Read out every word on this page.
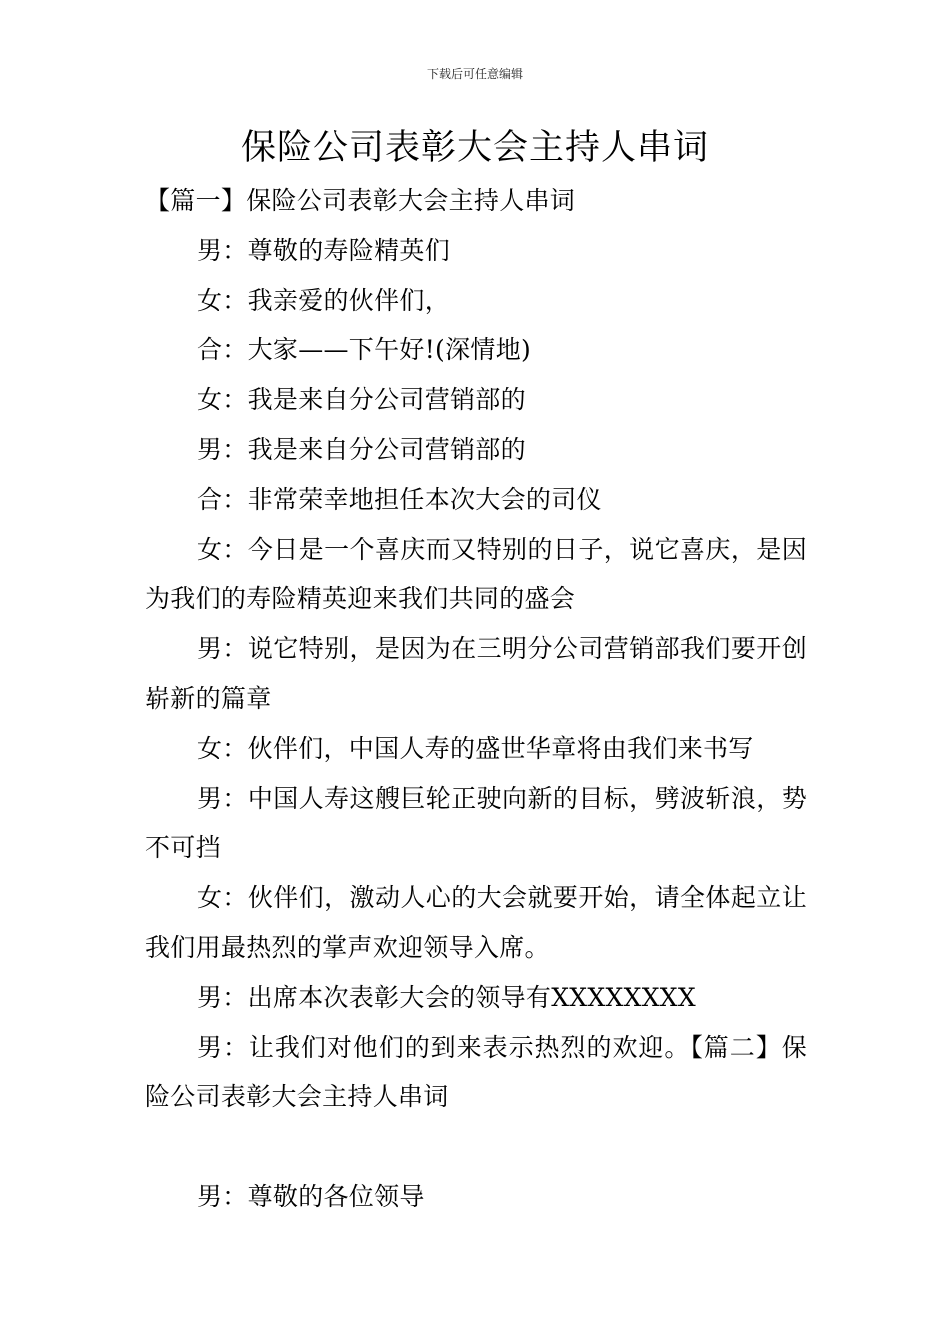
下载后可任意编辑
保险公司表彰大会主持人串词

【篇一】保险公司表彰大会主持人串词

男：尊敬的寿险精英们

女：我亲爱的伙伴们，

合：大家——下午好!(深情地)

女：我是来自分公司营销部的

男：我是来自分公司营销部的

合：非常荣幸地担任本次大会的司仪

女：今日是一个喜庆而又特别的日子，说它喜庆，是因为我们的寿险精英迎来我们共同的盛会

男：说它特别，是因为在三明分公司营销部我们要开创崭新的篇章

女：伙伴们，中国人寿的盛世华章将由我们来书写

男：中国人寿这艘巨轮正驶向新的目标，劈波斩浪，势不可挡

女：伙伴们，激动人心的大会就要开始，请全体起立让我们用最热烈的掌声欢迎领导入席。

男：出席本次表彰大会的领导有XXXXXXXX

男：让我们对他们的到来表示热烈的欢迎。【篇二】保险公司表彰大会主持人串词

男：尊敬的各位领导
